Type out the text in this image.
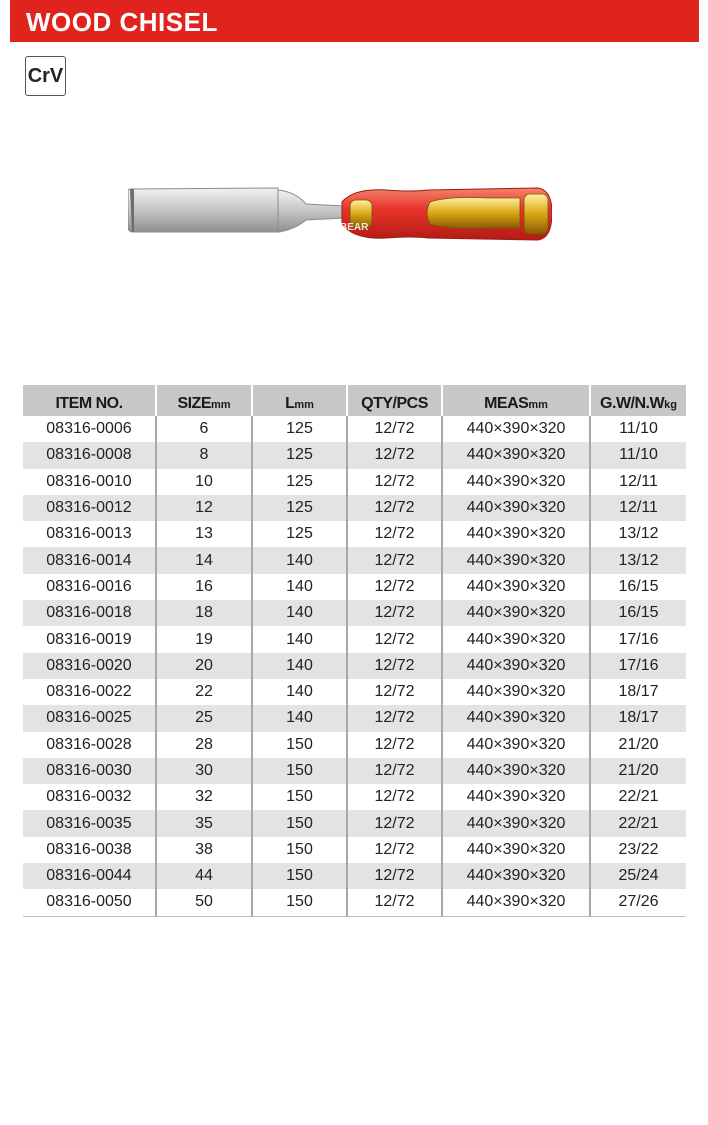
WOOD CHISEL
CrV
BEAR
ITEM NO.	SIZEmm	Lmm	QTY/PCS	MEASmm	G.W/N.Wkg
08316-0006	6	125	12/72	440×390×320	11/10
08316-0008	8	125	12/72	440×390×320	11/10
08316-0010	10	125	12/72	440×390×320	12/11
08316-0012	12	125	12/72	440×390×320	12/11
08316-0013	13	125	12/72	440×390×320	13/12
08316-0014	14	140	12/72	440×390×320	13/12
08316-0016	16	140	12/72	440×390×320	16/15
08316-0018	18	140	12/72	440×390×320	16/15
08316-0019	19	140	12/72	440×390×320	17/16
08316-0020	20	140	12/72	440×390×320	17/16
08316-0022	22	140	12/72	440×390×320	18/17
08316-0025	25	140	12/72	440×390×320	18/17
08316-0028	28	150	12/72	440×390×320	21/20
08316-0030	30	150	12/72	440×390×320	21/20
08316-0032	32	150	12/72	440×390×320	22/21
08316-0035	35	150	12/72	440×390×320	22/21
08316-0038	38	150	12/72	440×390×320	23/22
08316-0044	44	150	12/72	440×390×320	25/24
08316-0050	50	150	12/72	440×390×320	27/26
